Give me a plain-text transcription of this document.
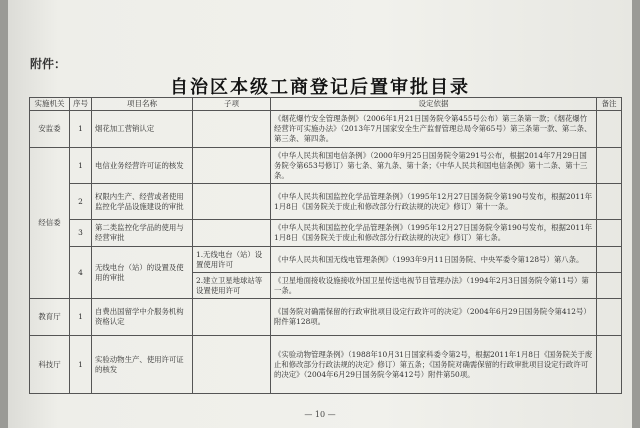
附件：
自治区本级工商登记后置审批目录
实施机关	序号	项目名称	子项	设定依据	备注
安监委	1	烟花加工营销认定		《烟花爆竹安全管理条例》（2006年1月21日国务院令第455号公布）第三条第一款；《烟花爆竹经营许可实施办法》（2013年7月国家安全生产监督管理总局令第65号）第三条第一款、第二条、第三条、第四条。	
经信委	1	电信业务经营许可证的核发		《中华人民共和国电信条例》（2000年9月25日国务院令第291号公布，根据2014年7月29日国务院令第653号修订）第七条、第九条、第十条；《中华人民共和国电信条例》第十二条、第十三条。	
	2	权限内生产、经营或者使用监控化学品设施建设的审批		《中华人民共和国监控化学品管理条例》（1995年12月27日国务院令第190号发布，根据2011年1月8日《国务院关于废止和修改部分行政法规的决定》修订）第十一条。	
	3	第二类监控化学品的使用与经营审批		《中华人民共和国监控化学品管理条例》（1995年12月27日国务院令第190号发布，根据2011年1月8日《国务院关于废止和修改部分行政法规的决定》修订）第七条。	
	4	无线电台（站）的设置及使用的审批	1.无线电台（站）设置使用许可	《中华人民共和国无线电管理条例》（1993年9月11日国务院、中央军委令第128号）第八条。	
			2.建立卫星地球站等设置使用许可	《卫星地面接收设施接收外国卫星传送电视节目管理办法》（1994年2月3日国务院令第11号）第一条。	
教育厅	1	自费出国留学中介服务机构资格认定		《国务院对确需保留的行政审批项目设定行政许可的决定》（2004年6月29日国务院令第412号）附件第128项。	
科技厅	1	实验动物生产、使用许可证的核发		《实验动物管理条例》（1988年10月31日国家科委令第2号，根据2011年1月8日《国务院关于废止和修改部分行政法规的决定》修订）第五条；《国务院对确需保留的行政审批项目设定行政许可的决定》（2004年6月29日国务院令第412号）附件第50项。	
— 10 —
